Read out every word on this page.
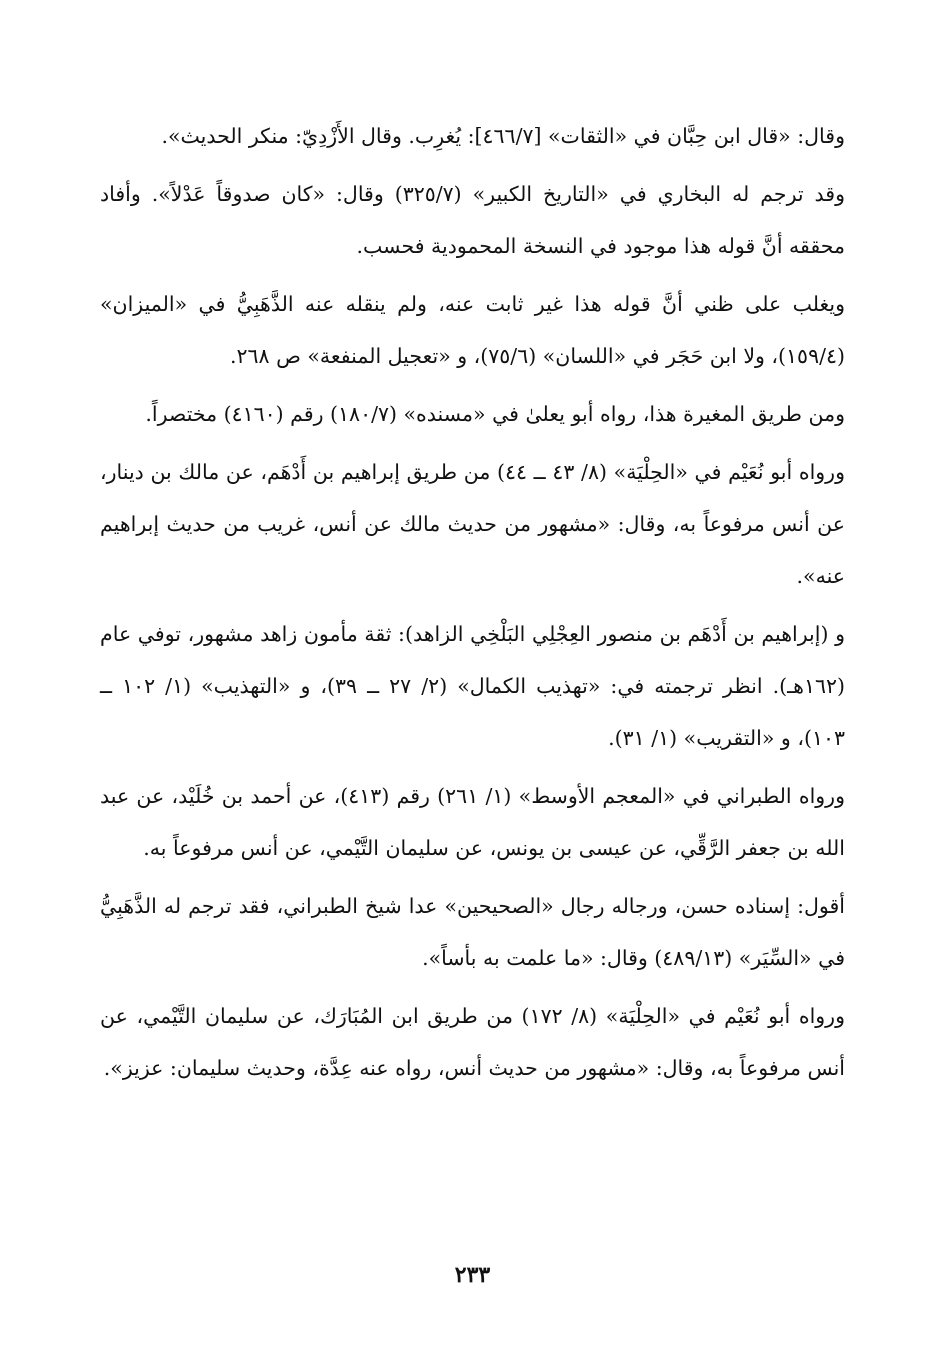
وقال: «قال ابن حِبَّان في «الثقات» [٤٦٦/٧]: يُغرِب. وقال الأَزْدِيّ: منكر الحديث».

وقد ترجم له البخاري في «التاريخ الكبير» (٣٢٥/٧) وقال: «كان صدوقاً عَدْلاً». وأفاد محققه أنَّ قوله هذا موجود في النسخة المحمودية فحسب.

ويغلب على ظني أنَّ قوله هذا غير ثابت عنه، ولم ينقله عنه الذَّهَبِيُّ في «الميزان» (١٥٩/٤)، ولا ابن حَجَر في «اللسان» (٧٥/٦)، و «تعجيل المنفعة» ص ٢٦٨.

ومن طريق المغيرة هذا، رواه أبو يعلىٰ في «مسنده» (١٨٠/٧) رقم (٤١٦٠) مختصراً.

ورواه أبو نُعَيْم في «الحِلْيَة» (٨/ ٤٣ ــ ٤٤) من طريق إبراهيم بن أَدْهَم، عن مالك بن دينار، عن أنس مرفوعاً به، وقال: «مشهور من حديث مالك عن أنس، غريب من حديث إبراهيم عنه».

و (إبراهيم بن أَدْهَم بن منصور العِجْلِي البَلْخِي الزاهد): ثقة مأمون زاهد مشهور، توفي عام (١٦٢هـ). انظر ترجمته في: «تهذيب الكمال» (٢/ ٢٧ ــ ٣٩)، و «التهذيب» (١/ ١٠٢ ــ ١٠٣)، و «التقريب» (١/ ٣١).

ورواه الطبراني في «المعجم الأوسط» (١/ ٢٦١) رقم (٤١٣)، عن أحمد بن خُلَيْد، عن عبد الله بن جعفر الرَّقِّي، عن عيسى بن يونس، عن سليمان التَّيْمي، عن أنس مرفوعاً به.

أقول: إسناده حسن، ورجاله رجال «الصحيحين» عدا شيخ الطبراني، فقد ترجم له الذَّهَبِيُّ في «السِّيَر» (٤٨٩/١٣) وقال: «ما علمت به بأساً».

ورواه أبو نُعَيْم في «الحِلْيَة» (٨/ ١٧٢) من طريق ابن المُبَارَك، عن سليمان التَّيْمي، عن أنس مرفوعاً به، وقال: «مشهور من حديث أنس، رواه عنه عِدَّة، وحديث سليمان: عزيز».

٢٣٣
